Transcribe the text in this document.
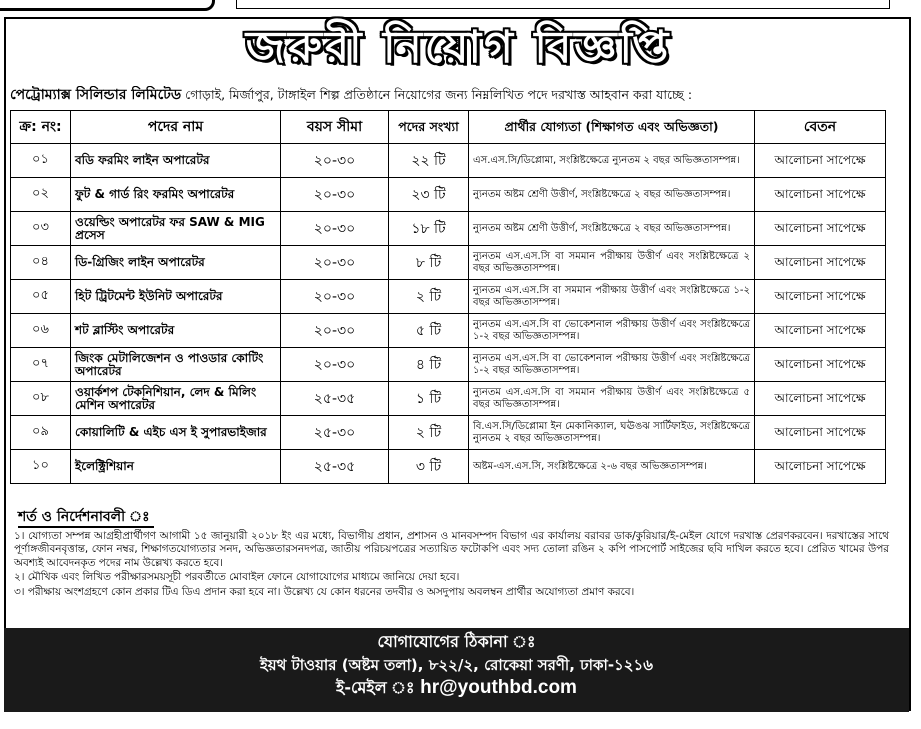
জরুরী নিয়োগ বিজ্ঞপ্তি
পেট্রোম্যাক্স সিলিন্ডার লিমিটেড গোড়াই, মির্জাপুর, টাঙ্গাইল শিল্প প্রতিষ্ঠানে নিয়োগের জন্য নিম্নলিখিত পদে দরখাস্ত আহবান করা যাচ্ছে :
ক্র: নং:	পদের নাম	বয়স সীমা	পদের সংখ্যা	প্রার্থীর যোগ্যতা (শিক্ষাগত এবং অভিজ্ঞতা)	বেতন
০১	বডি ফরমিং লাইন অপারেটর	২০-৩০	২২ টি	এস.এস.সি/ডিপ্লোমা, সংশ্লিষ্টক্ষেত্রে ন্যুনতম ২ বছর অভিজ্ঞতাসম্পন্ন।	আলোচনা সাপেক্ষে
০২	ফুট & গার্ড রিং ফরমিং অপারেটর	২০-৩০	২৩ টি	ন্যুনতম অষ্টম শ্রেণী উত্তীর্ণ, সংশ্লিষ্টক্ষেত্রে ২ বছর অভিজ্ঞতাসম্পন্ন।	আলোচনা সাপেক্ষে
০৩	ওয়েল্ডিং অপারেটর ফর SAW & MIG প্রসেস	২০-৩০	১৮ টি	ন্যুনতম অষ্টম শ্রেণী উত্তীর্ণ, সংশ্লিষ্টক্ষেত্রে ২ বছর অভিজ্ঞতাসম্পন্ন।	আলোচনা সাপেক্ষে
০৪	ডি-গ্রিজিং লাইন অপারেটর	২০-৩০	৮ টি	ন্যুনতম এস.এস.সি বা সমমান পরীক্ষায় উত্তীর্ণ এবং সংশ্লিষ্টক্ষেত্রে ২ বছর অভিজ্ঞতাসম্পন্ন।	আলোচনা সাপেক্ষে
০৫	হিট ট্রিটমেন্ট ইউনিট অপারেটর	২০-৩০	২ টি	ন্যুনতম এস.এস.সি বা সমমান পরীক্ষায় উত্তীর্ণ এবং সংশ্লিষ্টক্ষেত্রে ১-২ বছর অভিজ্ঞতাসম্পন্ন।	আলোচনা সাপেক্ষে
০৬	শট ব্লাস্টিং অপারেটর	২০-৩০	৫ টি	ন্যুনতম এস.এস.সি বা ভোকেশনাল পরীক্ষায় উত্তীর্ণ এবং সংশ্লিষ্টক্ষেত্রে ১-২ বছর অভিজ্ঞতাসম্পন্ন।	আলোচনা সাপেক্ষে
০৭	জিংক মেটালিজেশন ও পাওডার কোটিং অপারেটর	২০-৩০	৪ টি	ন্যুনতম এস.এস.সি বা ভোকেশনাল পরীক্ষায় উত্তীর্ণ এবং সংশ্লিষ্টক্ষেত্রে ১-২ বছর অভিজ্ঞতাসম্পন্ন।	আলোচনা সাপেক্ষে
০৮	ওয়ার্কশপ টেকনিশিয়ান, লেদ & মিলিং মেশিন অপারেটর	২৫-৩৫	১ টি	ন্যুনতম এস.এস.সি বা সমমান পরীক্ষায় উত্তীর্ণ এবং সংশ্লিষ্টক্ষেত্রে ৫ বছর অভিজ্ঞতাসম্পন্ন।	আলোচনা সাপেক্ষে
০৯	কোয়ালিটি & এইচ এস ই সুপারভাইজার	২৫-৩০	২ টি	বি.এস.সি/ডিপ্লোমা ইন মেকানিক্যাল, ঘঊঙঝ সার্টিফাইড, সংশ্লিষ্টক্ষেত্রে ন্যুনতম ২ বছর অভিজ্ঞতাসম্পন্ন।	আলোচনা সাপেক্ষে
১০	ইলেক্ট্রিশিয়ান	২৫-৩৫	৩ টি	অষ্টম-এস.এস.সি, সংশ্লিষ্টক্ষেত্রে ২-৬ বছর অভিজ্ঞতাসম্পন্ন।	আলোচনা সাপেক্ষে
শর্ত ও নির্দেশনাবলী ঃ

১। যোগ্যতা সম্পন্ন আগ্রহীপ্রার্থীগণ আগামী ১৫ জানুয়ারী ২০১৮ ইং এর মধ্যে, বিভাগীয় প্রধান, প্রশাসন ও মানবসম্পদ বিভাগ এর কার্যালয় বরাবর ডাক/কুরিয়ার/ই-মেইল যোগে দরখাস্ত প্রেরণকরবেন। দরখাস্তের সাথে পূর্ণাঙ্গজীবনবৃত্তান্ত, ফোন নম্বর, শিক্ষাগতযোগ্যতার সনদ, অভিজ্ঞতারসনদপত্র, জাতীয় পরিচয়পত্রের সত্যায়িত ফটোকপি এবং সদ্য তোলা রঙিন ২ কপি পাসপোর্ট সাইজের ছবি দাখিল করতে হবে। প্রেরিত খামের উপর অবশ্যই আবেদনকৃত পদের নাম উল্লেখ্য করতে হবে।

২। মৌখিক এবং লিখিত পরীক্ষারসময়সূচী পরবর্তীতে মোবাইল ফোনে যোগাযোগের মাধ্যমে জানিয়ে দেয়া হবে।

৩। পরীক্ষায় অংশগ্রহণে কোন প্রকার টিএ ডিএ প্রদান করা হবে না। উল্লেখ্য যে কোন ধরনের তদবীর ও অসদুপায় অবলম্বন প্রার্থীর অযোগ্যতা প্রমাণ করবে।

যোগাযোগের ঠিকানা ঃ
ইয়থ টাওয়ার (অষ্টম তলা), ৮২২/২, রোকেয়া সরণী, ঢাকা-১২১৬
ই-মেইল ঃ hr@youthbd.com
